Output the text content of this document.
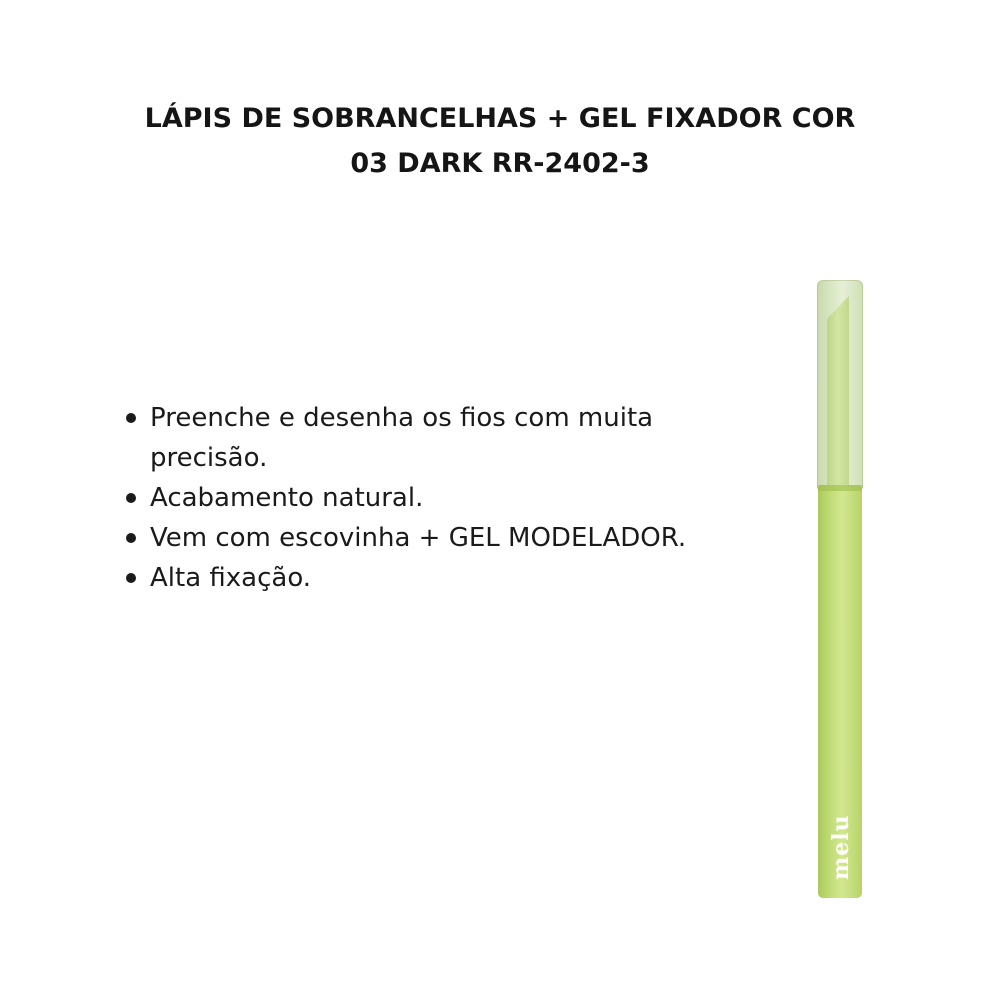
LÁPIS DE SOBRANCELHAS + GEL FIXADOR COR
03 DARK RR-2402-3
Preenche e desenha os fios com muita precisão.
Acabamento natural.
Vem com escovinha + GEL MODELADOR.
Alta fixação.
melu
